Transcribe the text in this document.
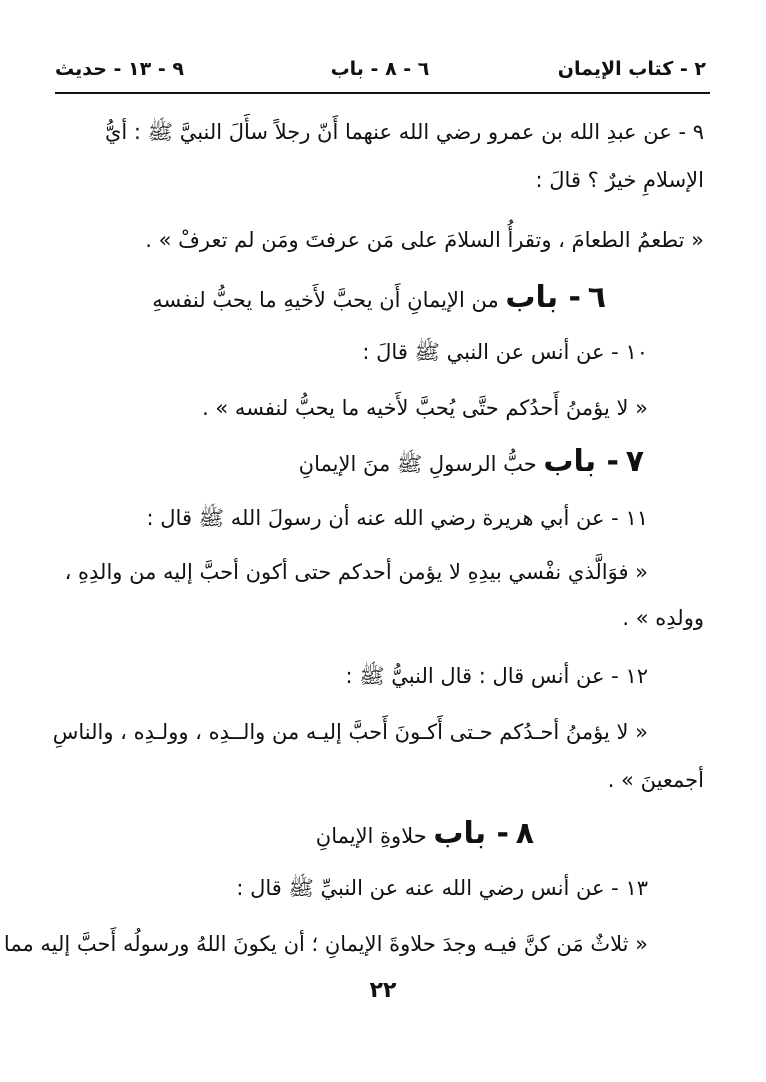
٢ - كتاب الإيمان
٦ - ٨ - باب
٩ - ١٣ - حديث
٩ - عن عبدِ الله بن عمرو رضي الله عنهما أَنّ رجلاً سأَلَ النبيَّ ﷺ : أيُّ
الإسلامِ خيرٌ ؟ قالَ :
« تطعمُ الطعامَ ، وتقرأُ السلامَ على مَن عرفتَ ومَن لم تعرفْ » .
٦ - باب من الإيمانِ أَن يحبَّ لأَخيهِ ما يحبُّ لنفسهِ
١٠ - عن أنس عن النبي ﷺ قالَ :
« لا يؤمنُ أَحدُكم حتَّى يُحبَّ لأَخيه ما يحبُّ لنفسه » .
٧ - باب حبُّ الرسولِ ﷺ منَ الإيمانِ
١١ - عن أبي هريرة رضي الله عنه أن رسولَ الله ﷺ قال :
« فوَالَّذي نفْسي بيدِهِ لا يؤمن أحدكم حتى أكون أحبَّ إليه من والدِهِ ،
وولدِه » .
١٢ - عن أنس قال : قال النبيُّ ﷺ :
« لا يؤمنُ أحـدُكم حـتى أَكـونَ أَحبَّ إليـه من والــدِه ، وولـدِه ، والناسِ
أجمعينَ » .
٨ - باب حلاوةِ الإيمانِ
١٣ - عن أنس رضي الله عنه عن النبيِّ ﷺ قال :
« ثلاثٌ مَن كنَّ فيـه وجدَ حلاوةَ الإيمانِ ؛ أن يكونَ اللهُ ورسولُه أَحبَّ إليه مما
٢٢
